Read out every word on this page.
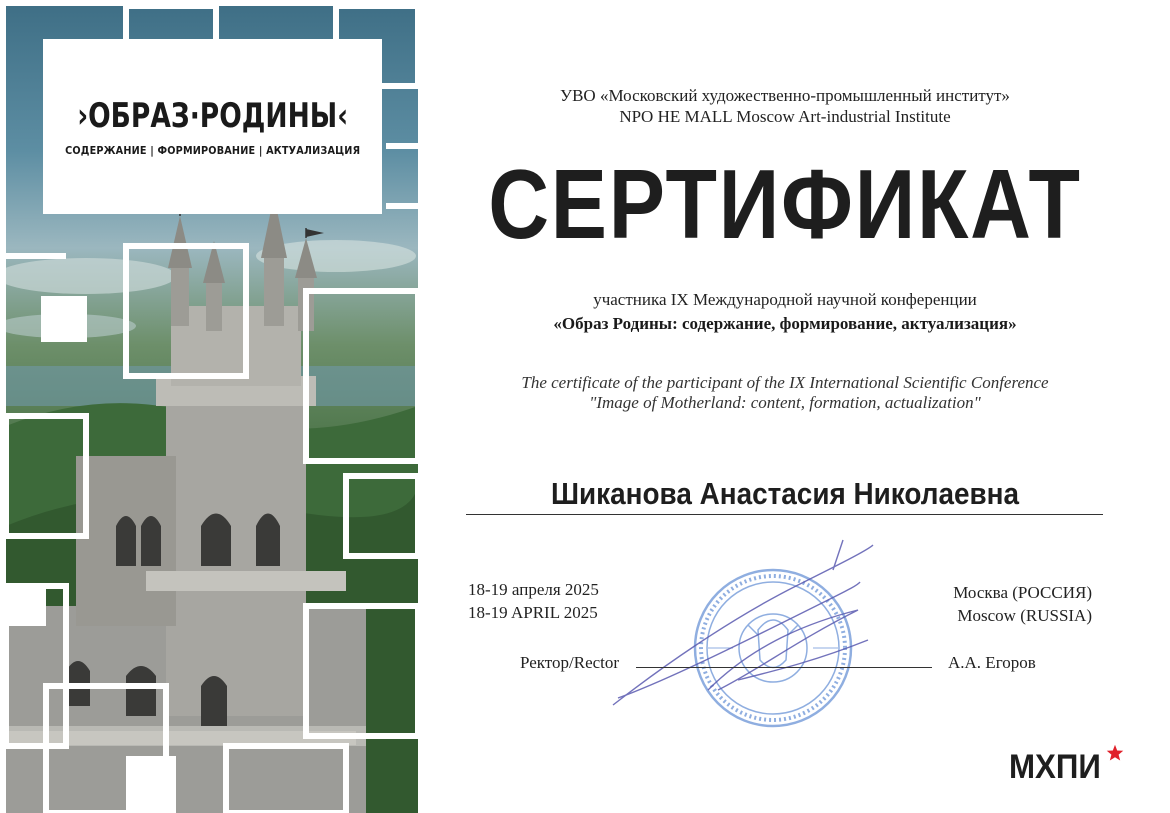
›ОБРАЗ·РОДИНЫ‹
СОДЕРЖАНИЕ | ФОРМИРОВАНИЕ | АКТУАЛИЗАЦИЯ
УВО «Московский художественно-промышленный институт»
NPO HE MALL Moscow Art-industrial Institute
СЕРТИФИКАТ
участника IX Международной научной конференции
«Образ Родины: содержание, формирование, актуализация»
The certificate of the participant of the IX International Scientific Conference
"Image of Motherland: content, formation, actualization"
Шиканова Анастасия Николаевна
18-19 апреля 2025
18-19 APRIL 2025
Москва (РОССИЯ)
Moscow (RUSSIA)
Ректор/Rector	А.А. Егоров
МХПИ
